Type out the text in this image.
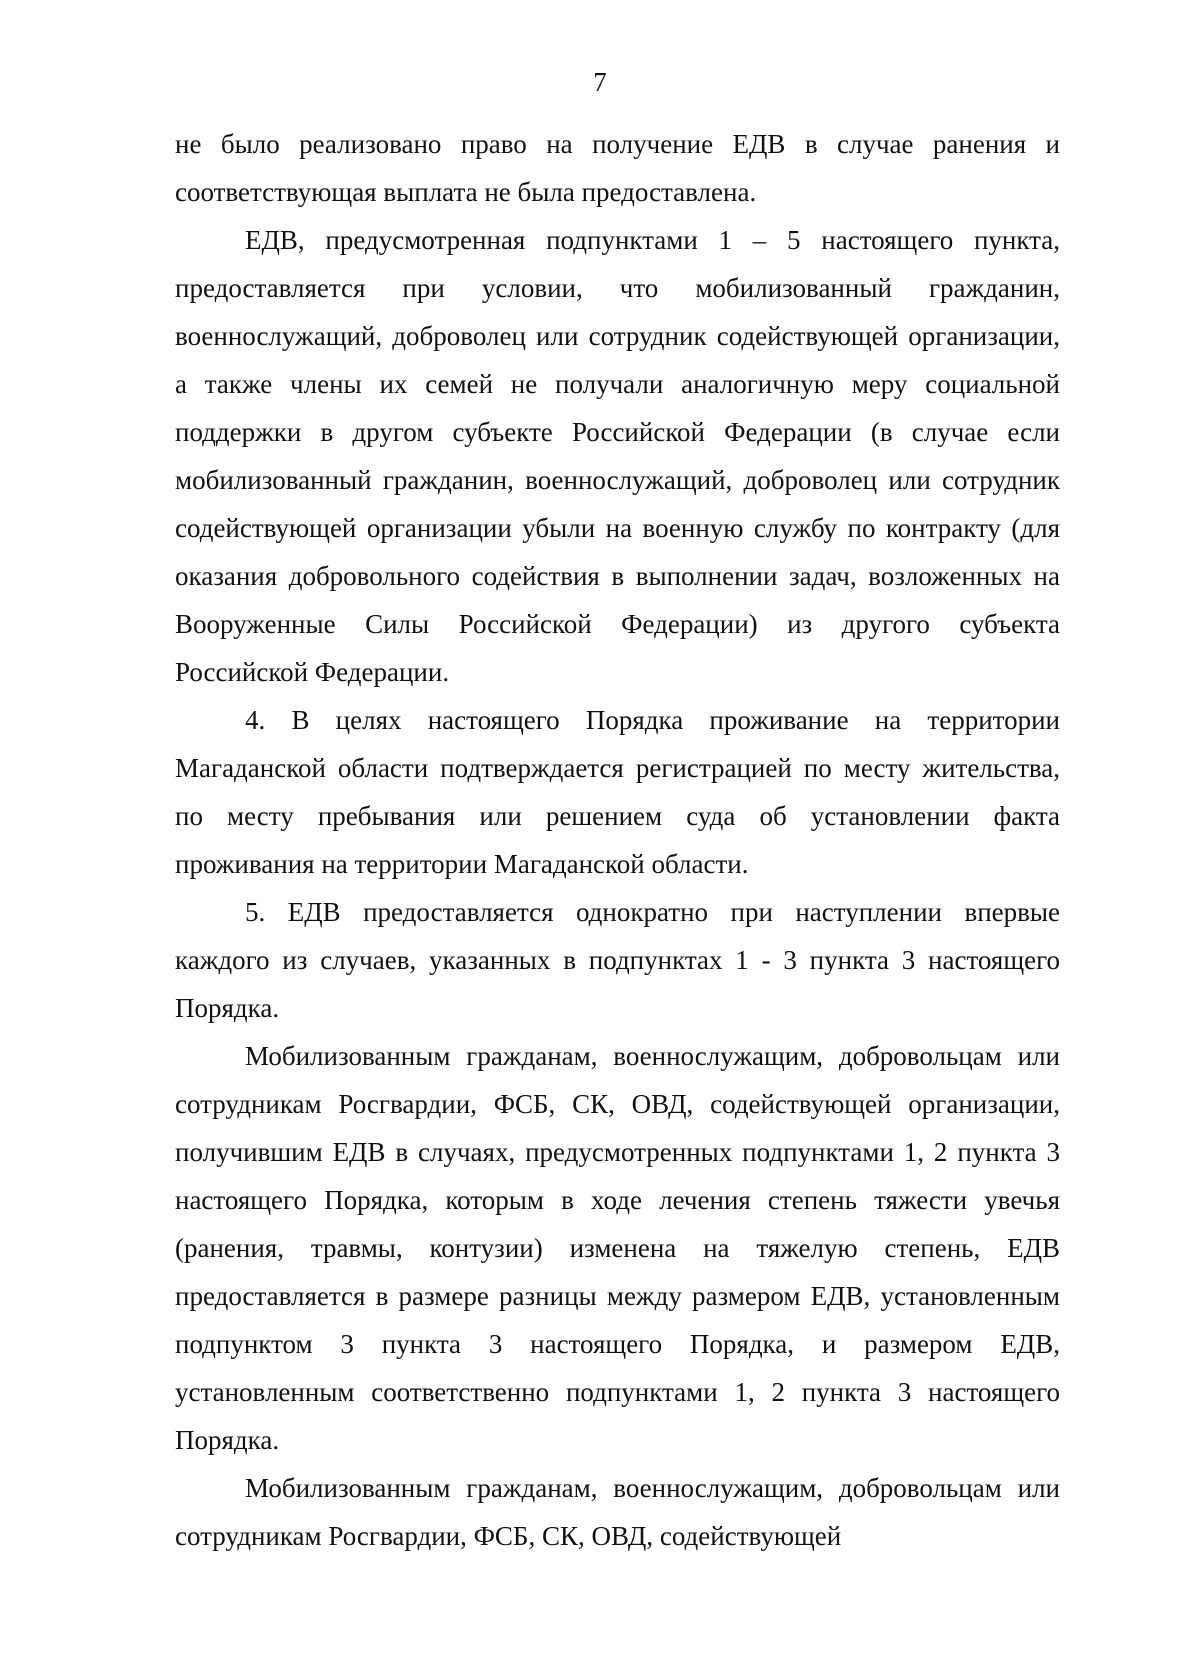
7

не было реализовано право на получение ЕДВ в случае ранения и соответствующая выплата не была предоставлена.

ЕДВ, предусмотренная подпунктами 1 – 5 настоящего пункта, предоставляется при условии, что мобилизованный гражданин, военнослужащий, доброволец или сотрудник содействующей организации, а также члены их семей не получали аналогичную меру социальной поддержки в другом субъекте Российской Федерации (в случае если мобилизованный гражданин, военнослужащий, доброволец или сотрудник содействующей организации убыли на военную службу по контракту (для оказания добровольного содействия в выполнении задач, возложенных на Вооруженные Силы Российской Федерации) из другого субъекта Российской Федерации.

4. В целях настоящего Порядка проживание на территории Магаданской области подтверждается регистрацией по месту жительства, по месту пребывания или решением суда об установлении факта проживания на территории Магаданской области.

5. ЕДВ предоставляется однократно при наступлении впервые каждого из случаев, указанных в подпунктах 1 - 3 пункта 3 настоящего Порядка.

Мобилизованным гражданам, военнослужащим, добровольцам или сотрудникам Росгвардии, ФСБ, СК, ОВД, содействующей организации, получившим ЕДВ в случаях, предусмотренных подпунктами 1, 2 пункта 3 настоящего Порядка, которым в ходе лечения степень тяжести увечья (ранения, травмы, контузии) изменена на тяжелую степень, ЕДВ предоставляется в размере разницы между размером ЕДВ, установленным подпунктом 3 пункта 3 настоящего Порядка, и размером ЕДВ, установленным соответственно подпунктами 1, 2 пункта 3 настоящего Порядка.

Мобилизованным гражданам, военнослужащим, добровольцам или сотрудникам Росгвардии, ФСБ, СК, ОВД, содействующей
